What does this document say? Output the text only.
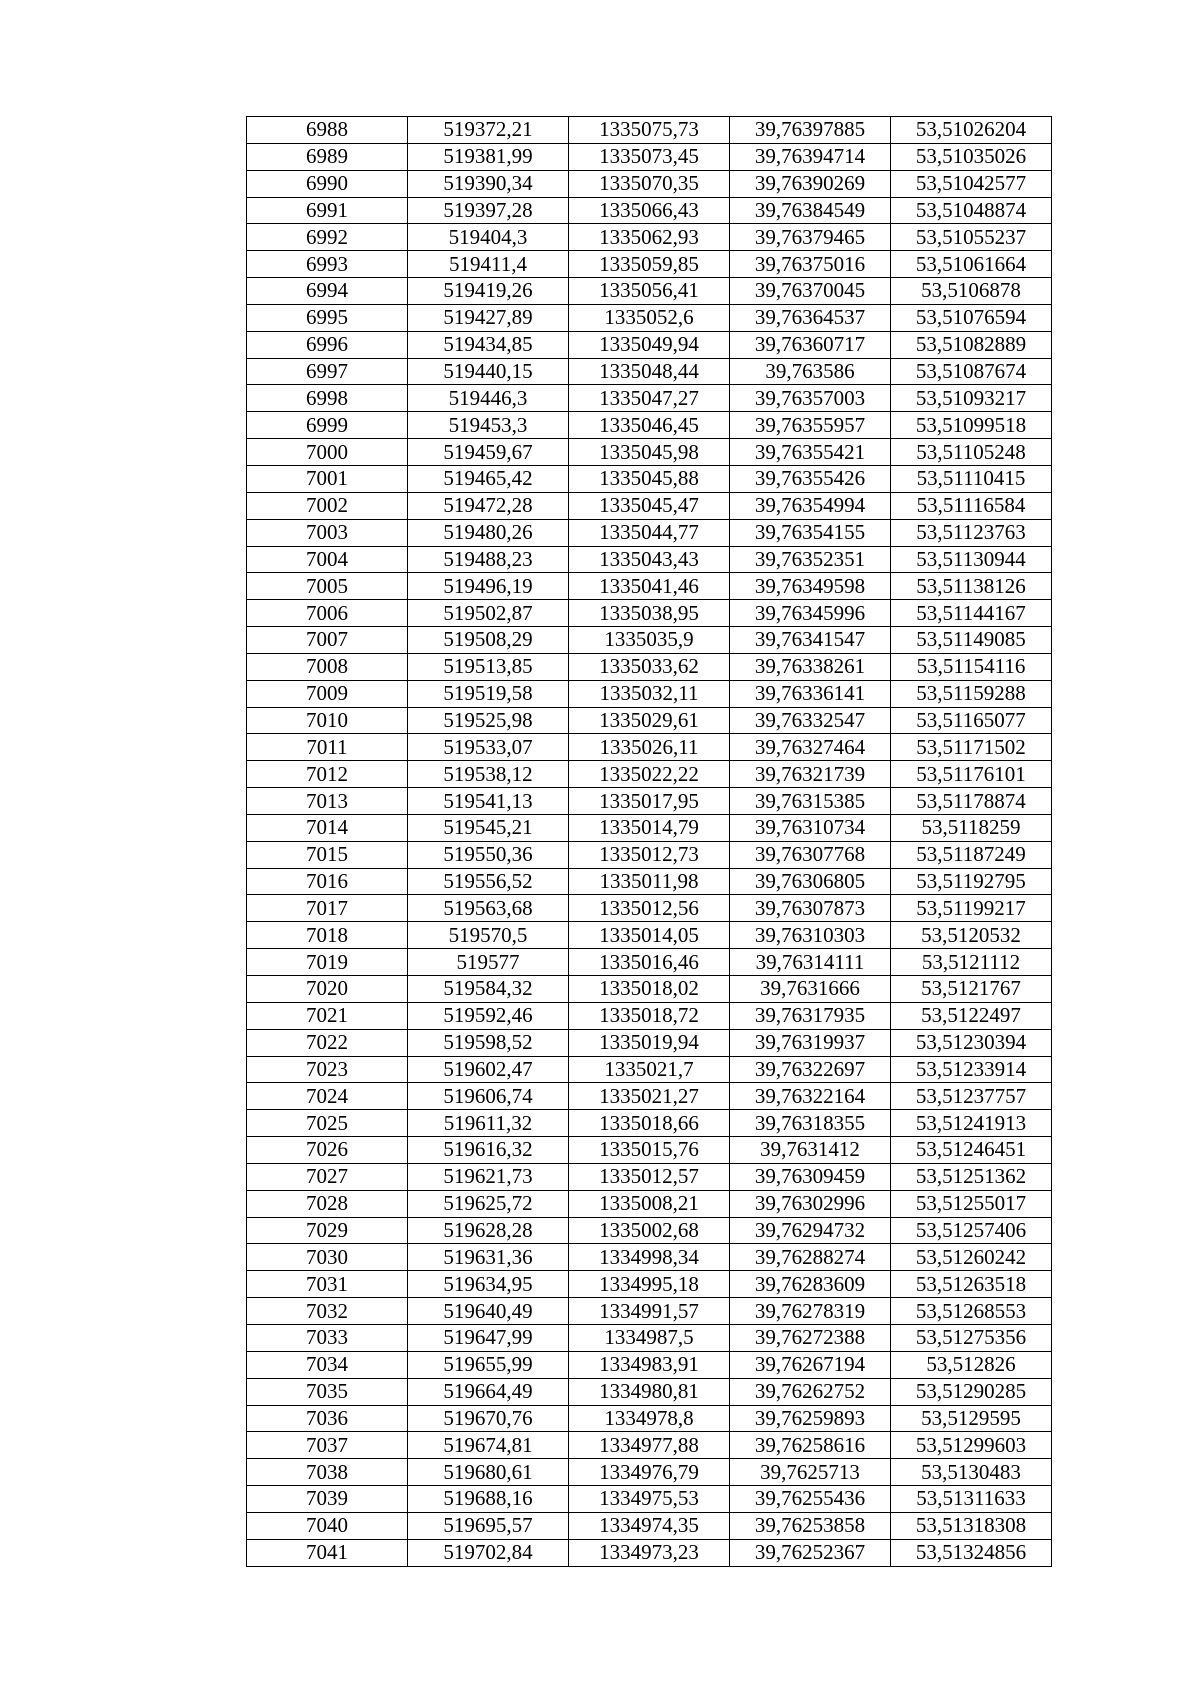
6988	519372,21	1335075,73	39,76397885	53,51026204
6989	519381,99	1335073,45	39,76394714	53,51035026
6990	519390,34	1335070,35	39,76390269	53,51042577
6991	519397,28	1335066,43	39,76384549	53,51048874
6992	519404,3	1335062,93	39,76379465	53,51055237
6993	519411,4	1335059,85	39,76375016	53,51061664
6994	519419,26	1335056,41	39,76370045	53,5106878
6995	519427,89	1335052,6	39,76364537	53,51076594
6996	519434,85	1335049,94	39,76360717	53,51082889
6997	519440,15	1335048,44	39,763586	53,51087674
6998	519446,3	1335047,27	39,76357003	53,51093217
6999	519453,3	1335046,45	39,76355957	53,51099518
7000	519459,67	1335045,98	39,76355421	53,51105248
7001	519465,42	1335045,88	39,76355426	53,51110415
7002	519472,28	1335045,47	39,76354994	53,51116584
7003	519480,26	1335044,77	39,76354155	53,51123763
7004	519488,23	1335043,43	39,76352351	53,51130944
7005	519496,19	1335041,46	39,76349598	53,51138126
7006	519502,87	1335038,95	39,76345996	53,51144167
7007	519508,29	1335035,9	39,76341547	53,51149085
7008	519513,85	1335033,62	39,76338261	53,51154116
7009	519519,58	1335032,11	39,76336141	53,51159288
7010	519525,98	1335029,61	39,76332547	53,51165077
7011	519533,07	1335026,11	39,76327464	53,51171502
7012	519538,12	1335022,22	39,76321739	53,51176101
7013	519541,13	1335017,95	39,76315385	53,51178874
7014	519545,21	1335014,79	39,76310734	53,5118259
7015	519550,36	1335012,73	39,76307768	53,51187249
7016	519556,52	1335011,98	39,76306805	53,51192795
7017	519563,68	1335012,56	39,76307873	53,51199217
7018	519570,5	1335014,05	39,76310303	53,5120532
7019	519577	1335016,46	39,76314111	53,5121112
7020	519584,32	1335018,02	39,7631666	53,5121767
7021	519592,46	1335018,72	39,76317935	53,5122497
7022	519598,52	1335019,94	39,76319937	53,51230394
7023	519602,47	1335021,7	39,76322697	53,51233914
7024	519606,74	1335021,27	39,76322164	53,51237757
7025	519611,32	1335018,66	39,76318355	53,51241913
7026	519616,32	1335015,76	39,7631412	53,51246451
7027	519621,73	1335012,57	39,76309459	53,51251362
7028	519625,72	1335008,21	39,76302996	53,51255017
7029	519628,28	1335002,68	39,76294732	53,51257406
7030	519631,36	1334998,34	39,76288274	53,51260242
7031	519634,95	1334995,18	39,76283609	53,51263518
7032	519640,49	1334991,57	39,76278319	53,51268553
7033	519647,99	1334987,5	39,76272388	53,51275356
7034	519655,99	1334983,91	39,76267194	53,512826
7035	519664,49	1334980,81	39,76262752	53,51290285
7036	519670,76	1334978,8	39,76259893	53,5129595
7037	519674,81	1334977,88	39,76258616	53,51299603
7038	519680,61	1334976,79	39,7625713	53,5130483
7039	519688,16	1334975,53	39,76255436	53,51311633
7040	519695,57	1334974,35	39,76253858	53,51318308
7041	519702,84	1334973,23	39,76252367	53,51324856
